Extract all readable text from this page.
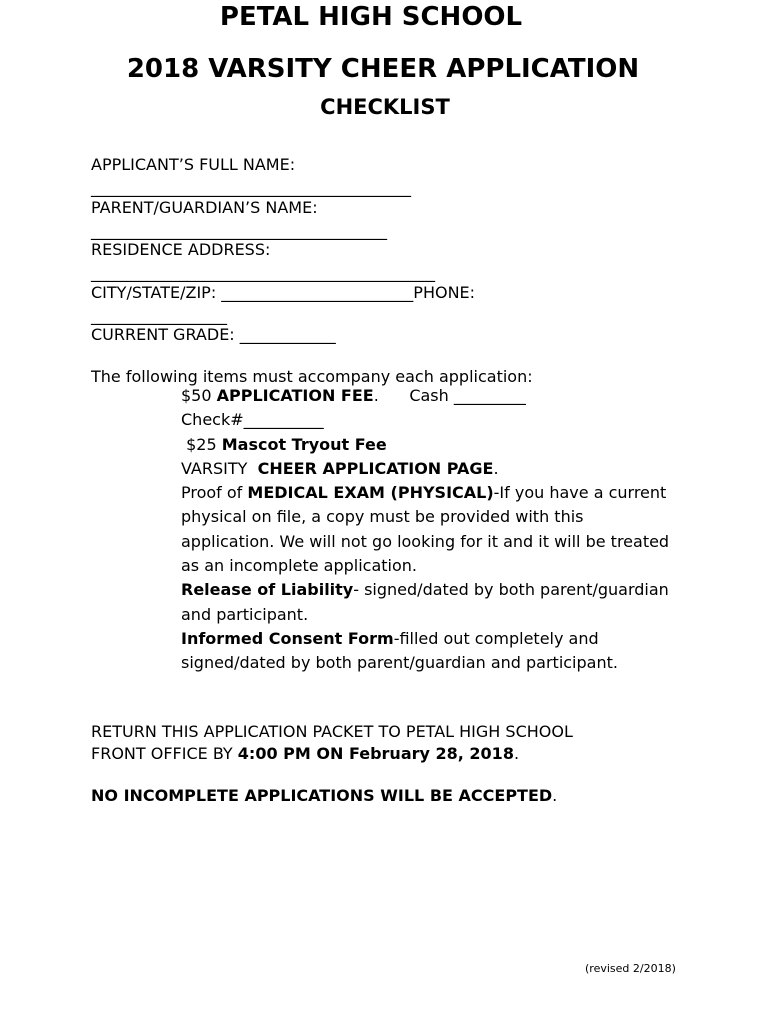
PETAL HIGH SCHOOL
2018 VARSITY CHEER APPLICATION
CHECKLIST

APPLICANT’S FULL NAME:

________________________________________

PARENT/GUARDIAN’S NAME:

_____________________________________

RESIDENCE ADDRESS:

___________________________________________

CITY/STATE/ZIP: ________________________PHONE:

_________________

CURRENT GRADE: ____________

The following items must accompany each application:

$50 APPLICATION FEE.      Cash _________
Check#__________
$25 Mascot Tryout Fee
VARSITY  CHEER APPLICATION PAGE.
Proof of MEDICAL EXAM (PHYSICAL)-If you have a current physical on file, a copy must be provided with this application. We will not go looking for it and it will be treated as an incomplete application.
Release of Liability- signed/dated by both parent/guardian and participant.
Informed Consent Form-filled out completely and signed/dated by both parent/guardian and participant.

RETURN THIS APPLICATION PACKET TO PETAL HIGH SCHOOL

FRONT OFFICE BY 4:00 PM ON February 28, 2018.

NO INCOMPLETE APPLICATIONS WILL BE ACCEPTED.

(revised 2/2018)
